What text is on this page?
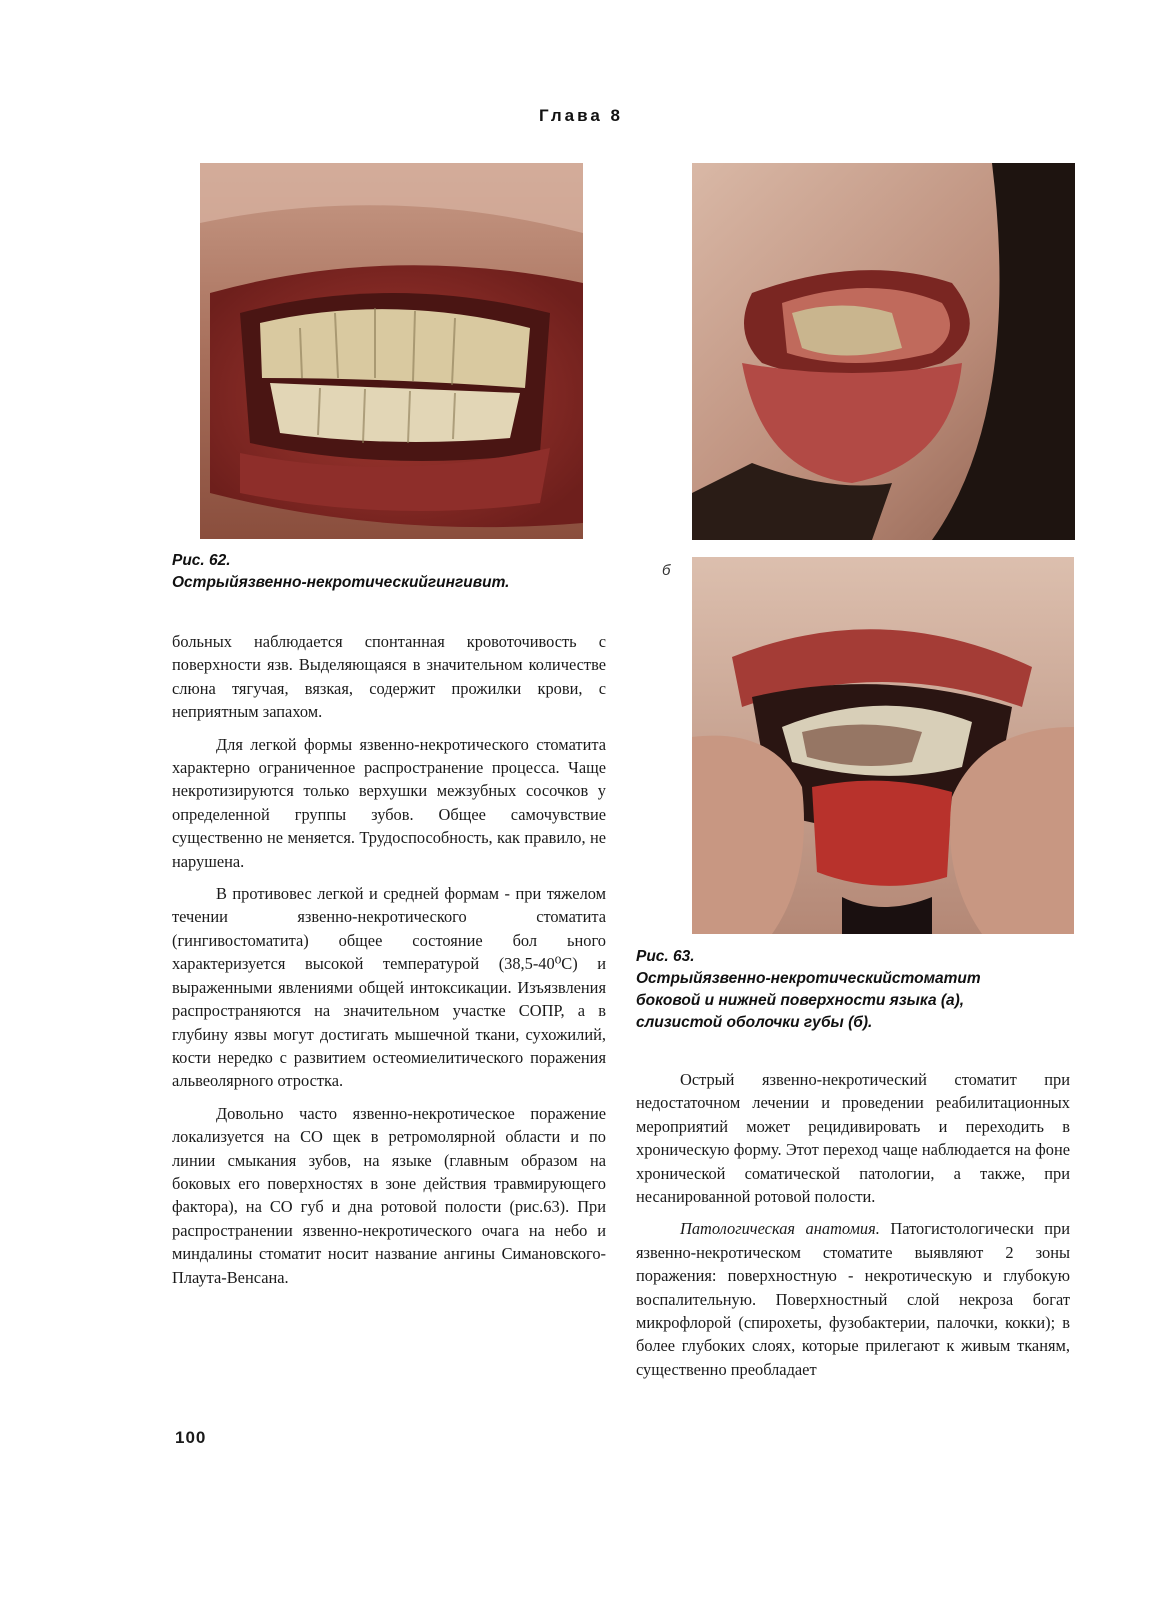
Глава 8
Рис. 62.
Острыйязвенно-некротическийгингивит.
б
Рис. 63.
Острыйязвенно-некротическийстоматит
боковой и нижней поверхности языка (а),
слизистой оболочки губы (б).

больных наблюдается спонтанная кровоточивость с поверхности язв. Выделяющаяся в значительном количестве слюна тягучая, вязкая, содержит прожилки крови, с неприятным запахом.

Для легкой формы язвенно-некротического стоматита характерно ограниченное распространение процесса. Чаще некротизируются только верхушки межзубных сосочков у определенной группы зубов. Общее самочувствие существенно не меняется. Трудоспособность, как правило, не нарушена.

В противовес легкой и средней формам - при тяжелом течении язвенно-некротического стоматита (гингивостоматита) общее состояние бол ьного характеризуется высокой температурой (38,5-40⁰С) и выраженными явлениями общей интоксикации. Изъязвления распространяются на значительном участке СОПР, а в глубину язвы могут достигать мышечной ткани, сухожилий, кости нередко с развитием остеомиелитического поражения альвеолярного отростка.

Довольно часто язвенно-некротическое поражение локализуется на СО щек в ретромолярной области и по линии смыкания зубов, на языке (главным образом на боковых его поверхностях в зоне действия травмирующего фактора), на СО губ и дна ротовой полости (рис.63). При распространении язвенно-некротического очага на небо и миндалины стоматит носит название ангины Симановского-Плаута-Венсана.

Острый язвенно-некротический стоматит при недостаточном лечении и проведении реабилитационных мероприятий может рецидивировать и переходить в хроническую форму. Этот переход чаще наблюдается на фоне хронической соматической патологии, а также, при несанированной ротовой полости.

Патологическая анатомия. Патогистологически при язвенно-некротическом стоматите выявляют 2 зоны поражения: поверхностную - некротическую и глубокую воспалительную. Поверхностный слой некроза богат микрофлорой (спирохеты, фузобактерии, палочки, кокки); в более глубоких слоях, которые прилегают к живым тканям, существенно преобладает

100
